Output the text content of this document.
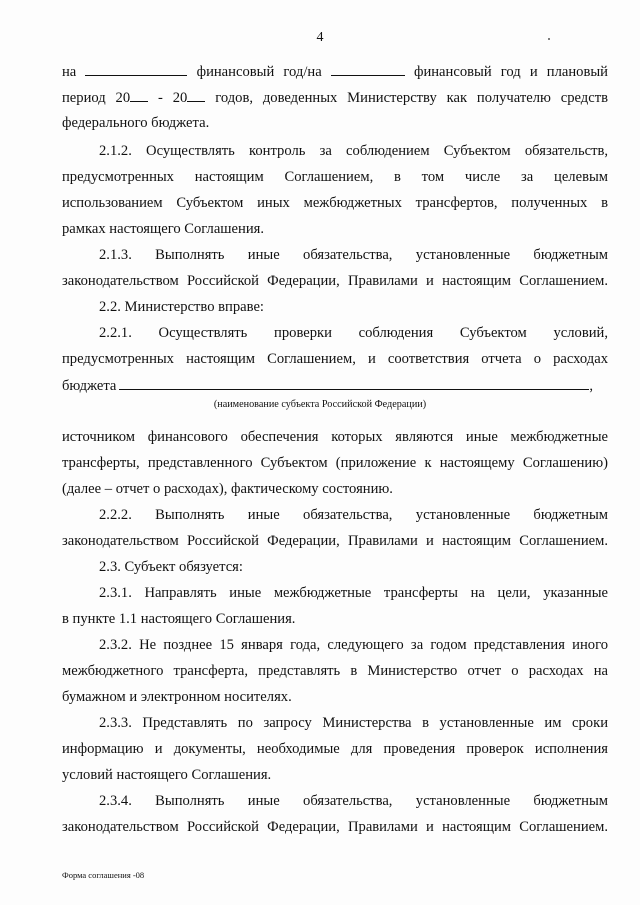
4
на	финансовый год/на	финансовый год и плановый
период 20 - 20 годов, доведенных Министерству как получателю средств
федерального бюджета.
2.1.2. Осуществлять контроль за соблюдением Субъектом обязательств,
предусмотренных настоящим Соглашением, в том числе за целевым
использованием Субъектом иных межбюджетных трансфертов, полученных в
рамках настоящего Соглашения.
2.1.3. Выполнять иные обязательства, установленные бюджетным
законодательством Российской Федерации, Правилами и настоящим Соглашением.
2.2. Министерство вправе:
2.2.1. Осуществлять проверки соблюдения Субъектом условий,
предусмотренных настоящим Соглашением, и соответствия отчета о расходах
бюджета	,
(наименование субъекта Российской Федерации)
источником финансового обеспечения которых являются иные межбюджетные
трансферты, представленного Субъектом (приложение к настоящему Соглашению)
(далее – отчет о расходах), фактическому состоянию.
2.2.2. Выполнять иные обязательства, установленные бюджетным
законодательством Российской Федерации, Правилами и настоящим Соглашением.
2.3. Субъект обязуется:
2.3.1. Направлять иные межбюджетные трансферты на цели, указанные
в пункте 1.1 настоящего Соглашения.
2.3.2. Не позднее 15 января года, следующего за годом представления иного
межбюджетного трансферта, представлять в Министерство отчет о расходах на
бумажном и электронном носителях.
2.3.3. Представлять по запросу Министерства в установленные им сроки
информацию и документы, необходимые для проведения проверок исполнения
условий настоящего Соглашения.
2.3.4. Выполнять иные обязательства, установленные бюджетным
законодательством Российской Федерации, Правилами и настоящим Соглашением.
Форма соглашения -08
